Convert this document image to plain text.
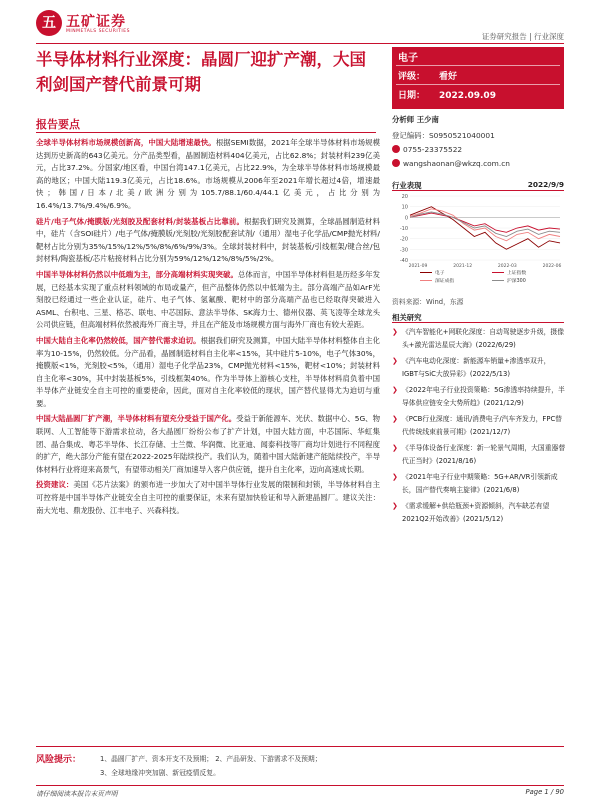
五 五矿证券
MINMETALS SECURITIES
证券研究报告 | 行业深度
半导体材料行业深度：晶圆厂迎扩产潮，大国利剑国产替代前景可期
电子
评级： 看好
日期： 2022.09.09
报告要点

全球半导体材料市场规模创新高，中国大陆增速最快。根据SEMI数据，2021年全球半导体材料市场规模达到历史新高的643亿美元。分产品类型看，晶圆制造材料404亿美元，占比62.8%；封装材料239亿美元，占比37.2%。分国家/地区看，中国台湾147.1亿美元，占比22.9%，为全球半导体材料市场规模最高的地区；中国大陆119.3亿美元，占比18.6%。市场规模从2006年至2021年增长超过4倍，增速最快；韩国/日本/北美/欧洲分别为105.7/88.1/60.4/44.1亿美元，占比分别为16.4%/13.7%/9.4%/6.9%。

硅片/电子气体/掩膜版/光刻胶及配套材料/封装基板占比靠前。根据我们研究及测算，全球晶圆制造材料中，硅片（含SOI硅片）/电子气体/掩膜版/光刻胶/光刻胶配套试剂/（通用）湿电子化学品/CMP抛光材料/靶材占比分别为35%/15%/12%/5%/8%/6%/9%/3%。全球封装材料中，封装基板/引线框架/键合丝/包封材料/陶瓷基板/芯片粘接材料占比分别为59%/12%/12%/8%/5%/2%。

中国半导体材料仍然以中低端为主，部分高端材料实现突破。总体而言，中国半导体材料但是历经多年发展，已经基本实现了重点材料领域的布局或量产，但产品整体仍然以中低端为主。部分高端产品如ArF光刻胶已经通过一些企业认证，硅片、电子气体、氢氟酸、靶材中的部分高端产品也已经取得突破进入ASML、台积电、三星、格芯、联电、中芯国际、意法半导体、SK海力士、德州仪器、英飞凌等全球龙头公司供应链，但高端材料依然被海外厂商主导，并且在产能及市场规模方面与海外厂商也有较大差距。

中国大陆自主化率仍然较低，国产替代需求迫切。根据我们研究及测算，中国大陆半导体材料整体自主化率为10-15%，仍然较低。分产品看，晶圆制造材料自主化率<15%，其中硅片5-10%，电子气体30%，掩膜版<1%，光刻胶<5%，（通用）湿电子化学品23%，CMP抛光材料<15%，靶材<10%；封装材料自主化率<30%，其中封装基板5%，引线框架40%。作为半导体上游核心支柱，半导体材料肩负着中国半导体产业链安全自主可控的重要使命，因此，面对自主化率较低的现状，国产替代显得尤为迫切与重要。

中国大陆晶圆厂扩产潮，半导体材料有望充分受益于国产化。受益于新能源车、光伏、数据中心、5G、物联网、人工智能等下游需求拉动，各大晶圆厂纷纷公布了扩产计划，中国大陆方面，中芯国际、华虹集团、晶合集成、粤芯半导体、长江存储、士兰微、华润微、比亚迪、闻泰科技等厂商均计划进行不同程度的扩产，绝大部分产能有望在2022-2025年陆续投产。我们认为，随着中国大陆新建产能陆续投产，半导体材料行业将迎来高景气，有望带动相关厂商加速导入客户供应链，提升自主化率，迈向高速成长期。

投资建议：美国《芯片法案》的颁布进一步加大了对中国半导体行业发展的限制和封锁，半导体材料自主可控将是中国半导体产业链安全自主可控的重要保证，未来有望加快验证和导入新建晶圆厂。建议关注：南大光电、鼎龙股份、江丰电子、兴森科技。

分析师 王少南
登记编码：S0950521040001
0755-23375522
wangshaonan@wkzq.com.cn
行业表现	2022/9/9
20
10
0
-10
-20
-30
-40
2021-09	2021-12	2022-03	2022-06
电子	上证指数
深证成指	沪深300
资料来源：Wind，东源
相关研究
❯ 《汽车智能化+网联化深度：自动驾驶逐步升级，摄像头+激光雷达星辰大海》(2022/6/29)
❯ 《汽车电动化深度：新能源车销量+渗透率双升，IGBT与SiC大放异彩》(2022/5/13)
❯ 《2022年电子行业投资策略：5G渗透率持续提升，半导体供应链安全大势所趋》(2021/12/9)
❯ 《PCB行业深度：通讯/消费电子/汽车齐发力，FPC替代传统线束前景可期》(2021/12/7)
❯ 《半导体设备行业深度：新一轮景气周期，大国重器替代正当时》(2021/8/16)
❯ 《2021年电子行业中期策略：5G+AR/VR引领新成长，国产替代奏响主旋律》(2021/6/8)
❯ 《需求缓解+供给瓶颈+资源倾斜，汽车缺芯有望2021Q2开始改善》(2021/5/12)
风险提示：	1、晶圆厂扩产、资本开支不及预期； 2、产品研发、下游需求不及预期；
3、全球地缘冲突加剧、新冠疫情反复。
请仔细阅读本报告末页声明	Page 1 / 90
